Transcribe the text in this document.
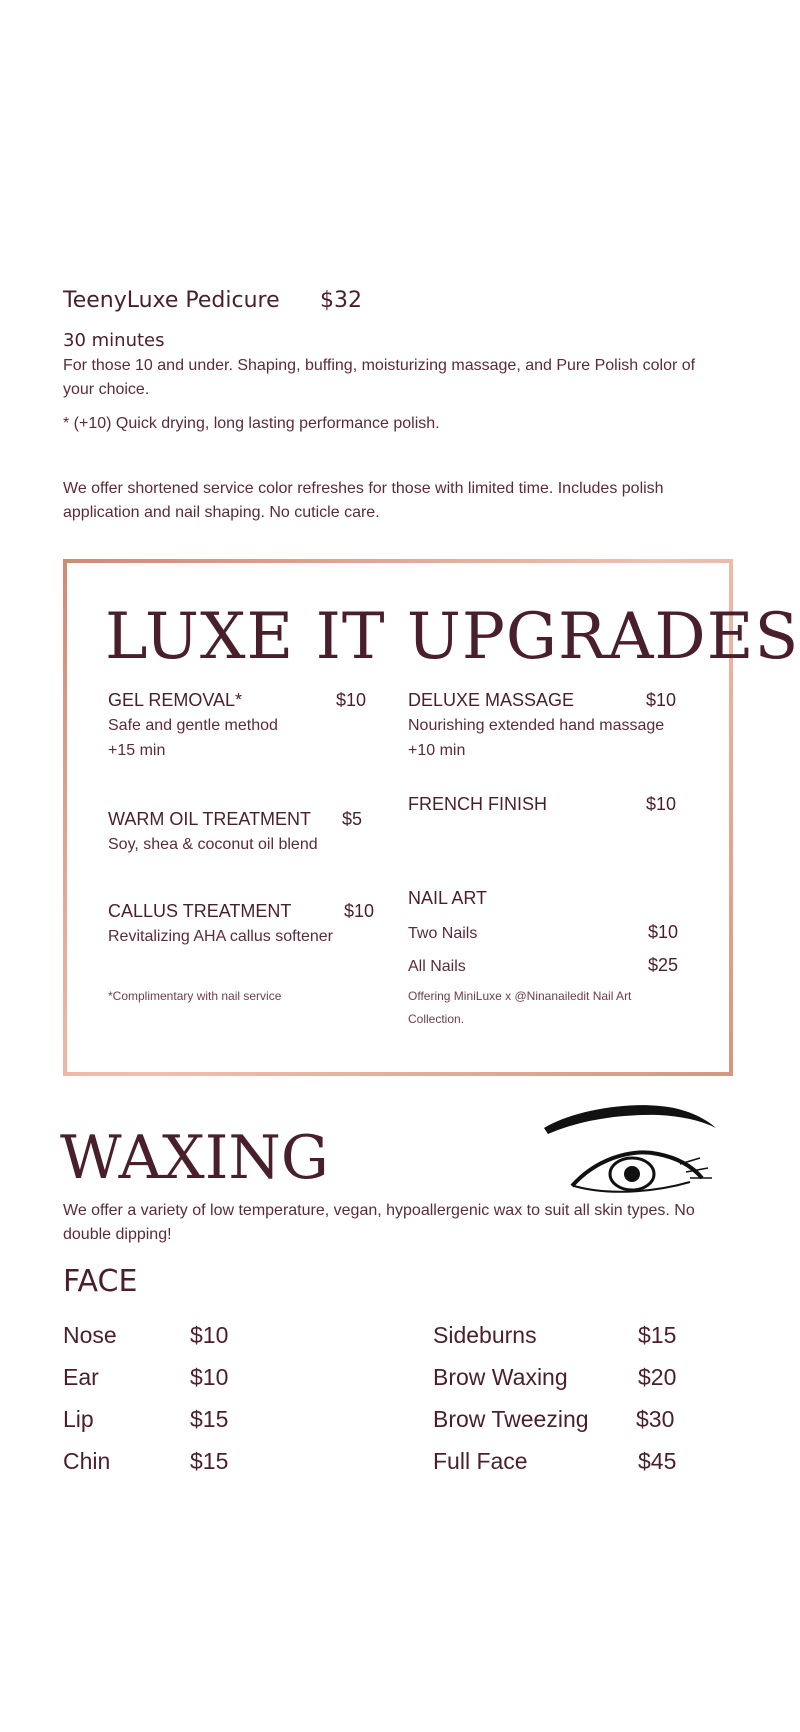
TeenyLuxe Pedicure $32
30 minutes
For those 10 and under. Shaping, buffing, moisturizing massage, and Pure Polish color of your choice.
* (+10) Quick drying, long lasting performance polish.
We offer shortened service color refreshes for those with limited time. Includes polish application and nail shaping. No cuticle care.
LUXE IT UPGRADES
GEL REMOVAL*	$10
Safe and gentle method
+15 min
WARM OIL TREATMENT $5
Soy, shea & coconut oil blend
CALLUS TREATMENT	$10
Revitalizing AHA callus softener
*Complimentary with nail service
DELUXE MASSAGE	$10
Nourishing extended hand massage
+10 min
FRENCH FINISH	$10
NAIL ART
Two Nails	$10
All Nails	$25
Offering MiniLuxe x @Ninanailedit Nail Art Collection.
WAXING
We offer a variety of low temperature, vegan, hypoallergenic wax to suit all skin types. No double dipping!
FACE
Nose	$10
Ear	$10
Lip	$15
Chin	$15
Sideburns	$15
Brow Waxing	$20
Brow Tweezing $30
Full Face	$45
